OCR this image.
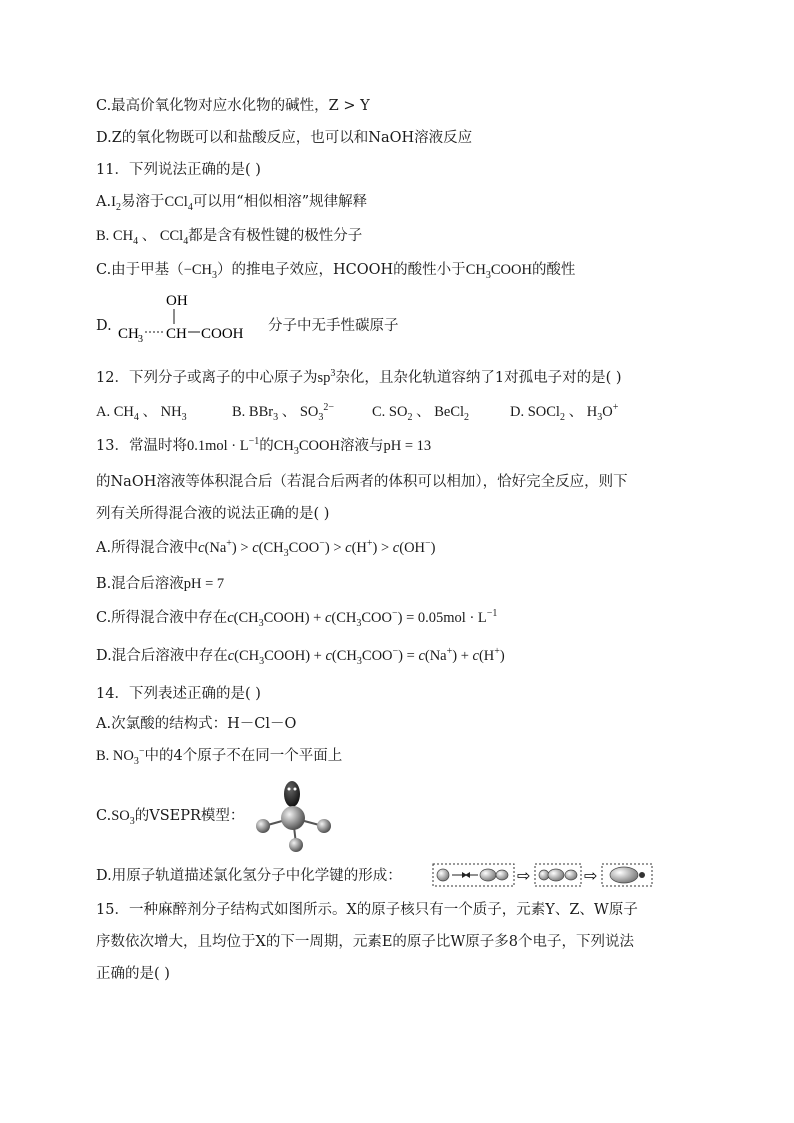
C.最高价氧化物对应水化物的碱性，Z > Y
D.Z的氧化物既可以和盐酸反应，也可以和NaOH溶液反应
11．下列说法正确的是( )
$A.I_2$易溶于CCl$_4$可以用“相似相溶”规律解释
B. $CH_4$ 、 CCl$_4$都是含有极性键的极性分子
C.由于甲基$(-CH_3)$的推电子效应，HCOOH的酸性小于$CH_3COOH$的酸性
D.
OH
CH 3 CH COOH 分子中无手性碳原子
12．下列分子或离子的中心原子为$sp^3$杂化，且杂化轨道容纳了1对孤电子对的是( )
A. $CH_4$ 、 $NH_3$	B. BBr$_3$ 、 $SO_3^{2-}$	C. $SO_2$ 、 BeCl$_2$	D. SOCl$_2$ 、 $H_3O^+$
13．常温时将$0.1mol \cdot L^{-1}$的$CH_3COOH$溶液与pH = 13
的NaOH溶液等体积混合后（若混合后两者的体积可以相加），恰好完全反应，则下
列有关所得混合液的说法正确的是( )
A.所得混合液中$c(Na^+) > c(CH_3COO^-) > c(H^+) > c(OH^-)$
B.混合后溶液pH = 7
C.所得混合液中存在$c(CH_3COOH) + c(CH_3COO^-) = 0.05mol \cdot L^{-1}$
D.混合后溶液中存在$c(CH_3COOH) + c(CH_3COO^-) = c(Na^+) + c(H^+)$
14．下列表述正确的是( )
A.次氯酸的结构式：H－Cl－O
B. $NO_3^-$中的4个原子不在同一个平面上
$C.SO_3$的VSEPR模型：
D.用原子轨道描述氯化氢分子中化学键的形成：	⇨	⇨
15．一种麻醉剂分子结构式如图所示。X的原子核只有一个质子，元素Y、Z、W原子
序数依次增大，且均位于X的下一周期，元素E的原子比W原子多8个电子，下列说法
正确的是( )
